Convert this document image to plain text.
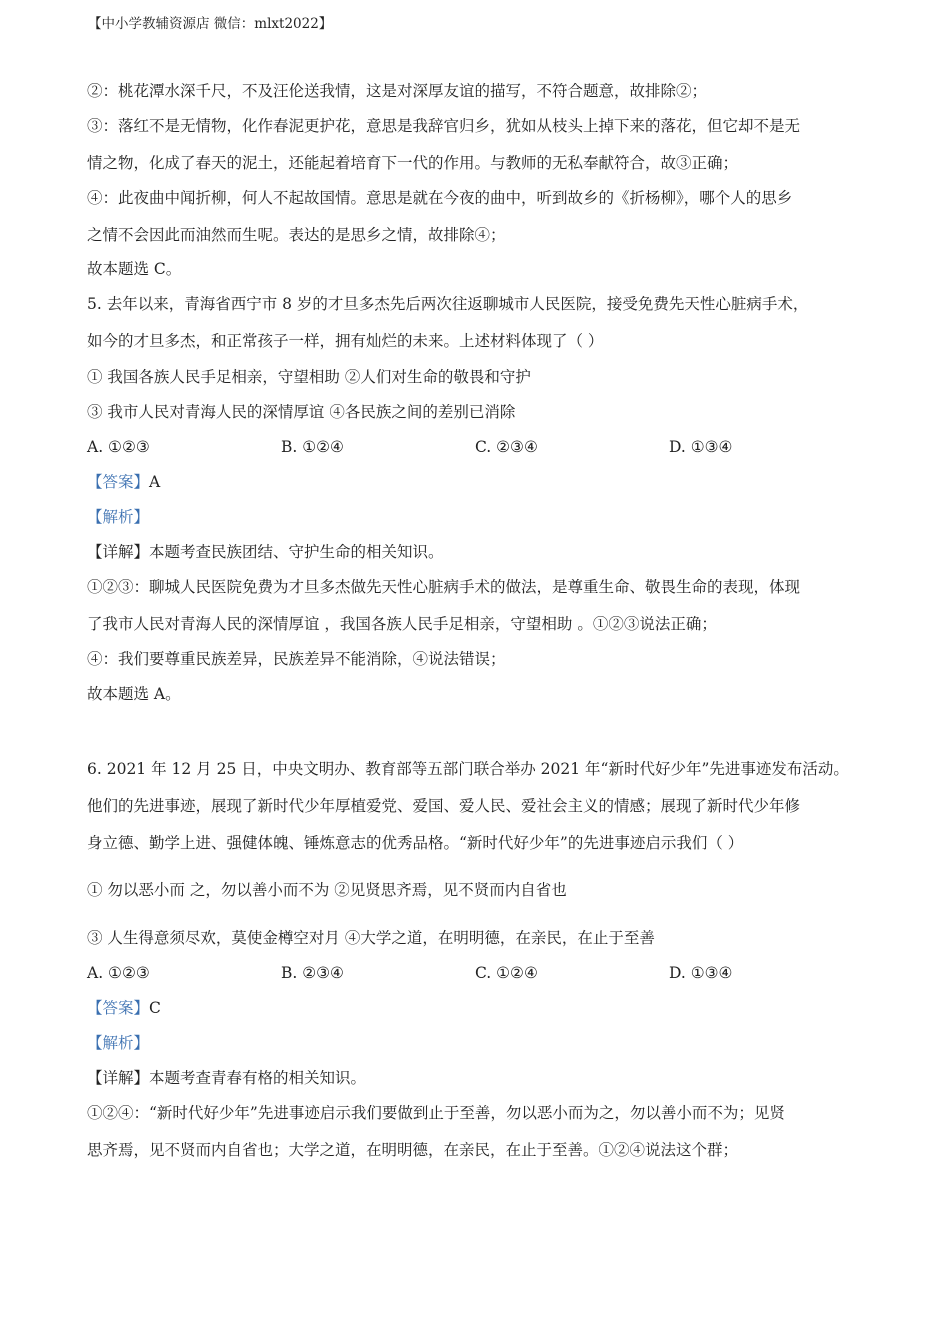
【中小学教辅资源店 微信：mlxt2022】
②：桃花潭水深千尺，不及汪伦送我情，这是对深厚友谊的描写，不符合题意，故排除②；
③：落红不是无情物，化作春泥更护花，意思是我辞官归乡，犹如从枝头上掉下来的落花，但它却不是无
情之物，化成了春天的泥土，还能起着培育下一代的作用。与教师的无私奉献符合，故③正确；
④：此夜曲中闻折柳，何人不起故国情。意思是就在今夜的曲中，听到故乡的《折杨柳》，哪个人的思乡
之情不会因此而油然而生呢。表达的是思乡之情，故排除④；
故本题选 C。
5. 去年以来，青海省西宁市 8 岁的才旦多杰先后两次往返聊城市人民医院，接受免费先天性心脏病手术，
如今的才旦多杰，和正常孩子一样，拥有灿烂的未来。上述材料体现了（ ）
① 我国各族人民手足相亲，守望相助 ②人们对生命的敬畏和守护
③ 我市人民对青海人民的深情厚谊 ④各民族之间的差别已消除
A. ①②③	B. ①②④	C. ②③④	D. ①③④
【答案】A
【解析】
【详解】本题考查民族团结、守护生命的相关知识。
①②③：聊城人民医院免费为才旦多杰做先天性心脏病手术的做法，是尊重生命、敬畏生命的表现，体现
了我市人民对青海人民的深情厚谊 ，我国各族人民手足相亲，守望相助 。①②③说法正确；
④：我们要尊重民族差异，民族差异不能消除，④说法错误；
故本题选 A。
6. 2021 年 12 月 25 日，中央文明办、教育部等五部门联合举办 2021 年“新时代好少年”先进事迹发布活动。
他们的先进事迹，展现了新时代少年厚植爱党、爱国、爱人民、爱社会主义的情感；展现了新时代少年修
身立德、勤学上进、强健体魄、锤炼意志的优秀品格。“新时代好少年”的先进事迹启示我们（ ）
① 勿以恶小而 之，勿以善小而不为 ②见贤思齐焉，见不贤而内自省也
③ 人生得意须尽欢，莫使金樽空对月 ④大学之道，在明明德，在亲民，在止于至善
A. ①②③	B. ②③④	C. ①②④	D. ①③④
【答案】C
【解析】
【详解】本题考查青春有格的相关知识。
①②④：“新时代好少年”先进事迹启示我们要做到止于至善，勿以恶小而为之，勿以善小而不为；见贤
思齐焉，见不贤而内自省也；大学之道，在明明德，在亲民，在止于至善。①②④说法这个群；
